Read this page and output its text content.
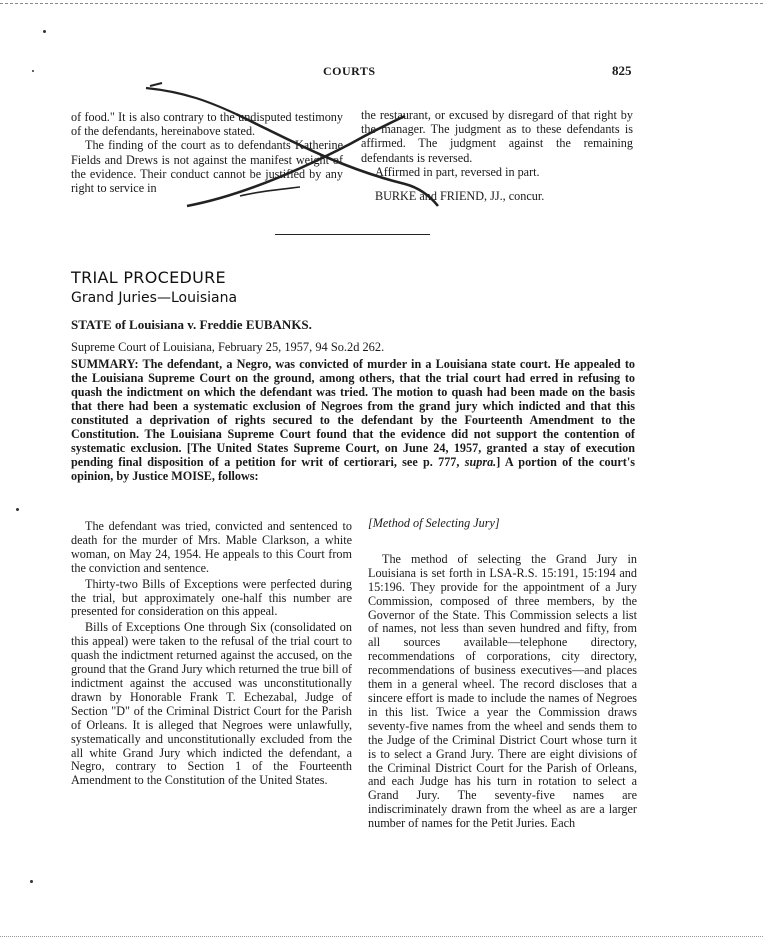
COURTS	825

of food." It is also contrary to the undisputed testimony of the defendants, hereinabove stated.

The finding of the court as to defendants Katherine Fields and Drews is not against the manifest weight of the evidence. Their conduct cannot be justified by any right to service in

the restaurant, or excused by disregard of that right by the manager. The judgment as to these defendants is affirmed. The judgment against the remaining defendants is reversed.

Affirmed in part, reversed in part.

BURKE and FRIEND, JJ., concur.

TRIAL PROCEDURE
Grand Juries—Louisiana
STATE of Louisiana v. Freddie EUBANKS.
Supreme Court of Louisiana, February 25, 1957, 94 So.2d 262.
SUMMARY: The defendant, a Negro, was convicted of murder in a Louisiana state court. He appealed to the Louisiana Supreme Court on the ground, among others, that the trial court had erred in refusing to quash the indictment on which the defendant was tried. The motion to quash had been made on the basis that there had been a systematic exclusion of Negroes from the grand jury which indicted and that this constituted a deprivation of rights secured to the defendant by the Fourteenth Amendment to the Constitution. The Louisiana Supreme Court found that the evidence did not support the contention of systematic exclusion. [The United States Supreme Court, on June 24, 1957, granted a stay of execution pending final disposition of a petition for writ of certiorari, see p. 777, supra.] A portion of the court's opinion, by Justice MOISE, follows:

The defendant was tried, convicted and sentenced to death for the murder of Mrs. Mable Clarkson, a white woman, on May 24, 1954. He appeals to this Court from the conviction and sentence.

Thirty-two Bills of Exceptions were perfected during the trial, but approximately one-half this number are presented for consideration on this appeal.

Bills of Exceptions One through Six (consolidated on this appeal) were taken to the refusal of the trial court to quash the indictment returned against the accused, on the ground that the Grand Jury which returned the true bill of indictment against the accused was unconstitutionally drawn by Honorable Frank T. Echezabal, Judge of Section "D" of the Criminal District Court for the Parish of Orleans. It is alleged that Negroes were unlawfully, systematically and unconstitutionally excluded from the all white Grand Jury which indicted the defendant, a Negro, contrary to Section 1 of the Fourteenth Amendment to the Constitution of the United States.

[Method of Selecting Jury]

The method of selecting the Grand Jury in Louisiana is set forth in LSA-R.S. 15:191, 15:194 and 15:196. They provide for the appointment of a Jury Commission, composed of three members, by the Governor of the State. This Commission selects a list of names, not less than seven hundred and fifty, from all sources available—telephone directory, recommendations of corporations, city directory, recommendations of business executives—and places them in a general wheel. The record discloses that a sincere effort is made to include the names of Negroes in this list. Twice a year the Commission draws seventy-five names from the wheel and sends them to the Judge of the Criminal District Court whose turn it is to select a Grand Jury. There are eight divisions of the Criminal District Court for the Parish of Orleans, and each Judge has his turn in rotation to select a Grand Jury. The seventy-five names are indiscriminately drawn from the wheel as are a larger number of names for the Petit Juries. Each
